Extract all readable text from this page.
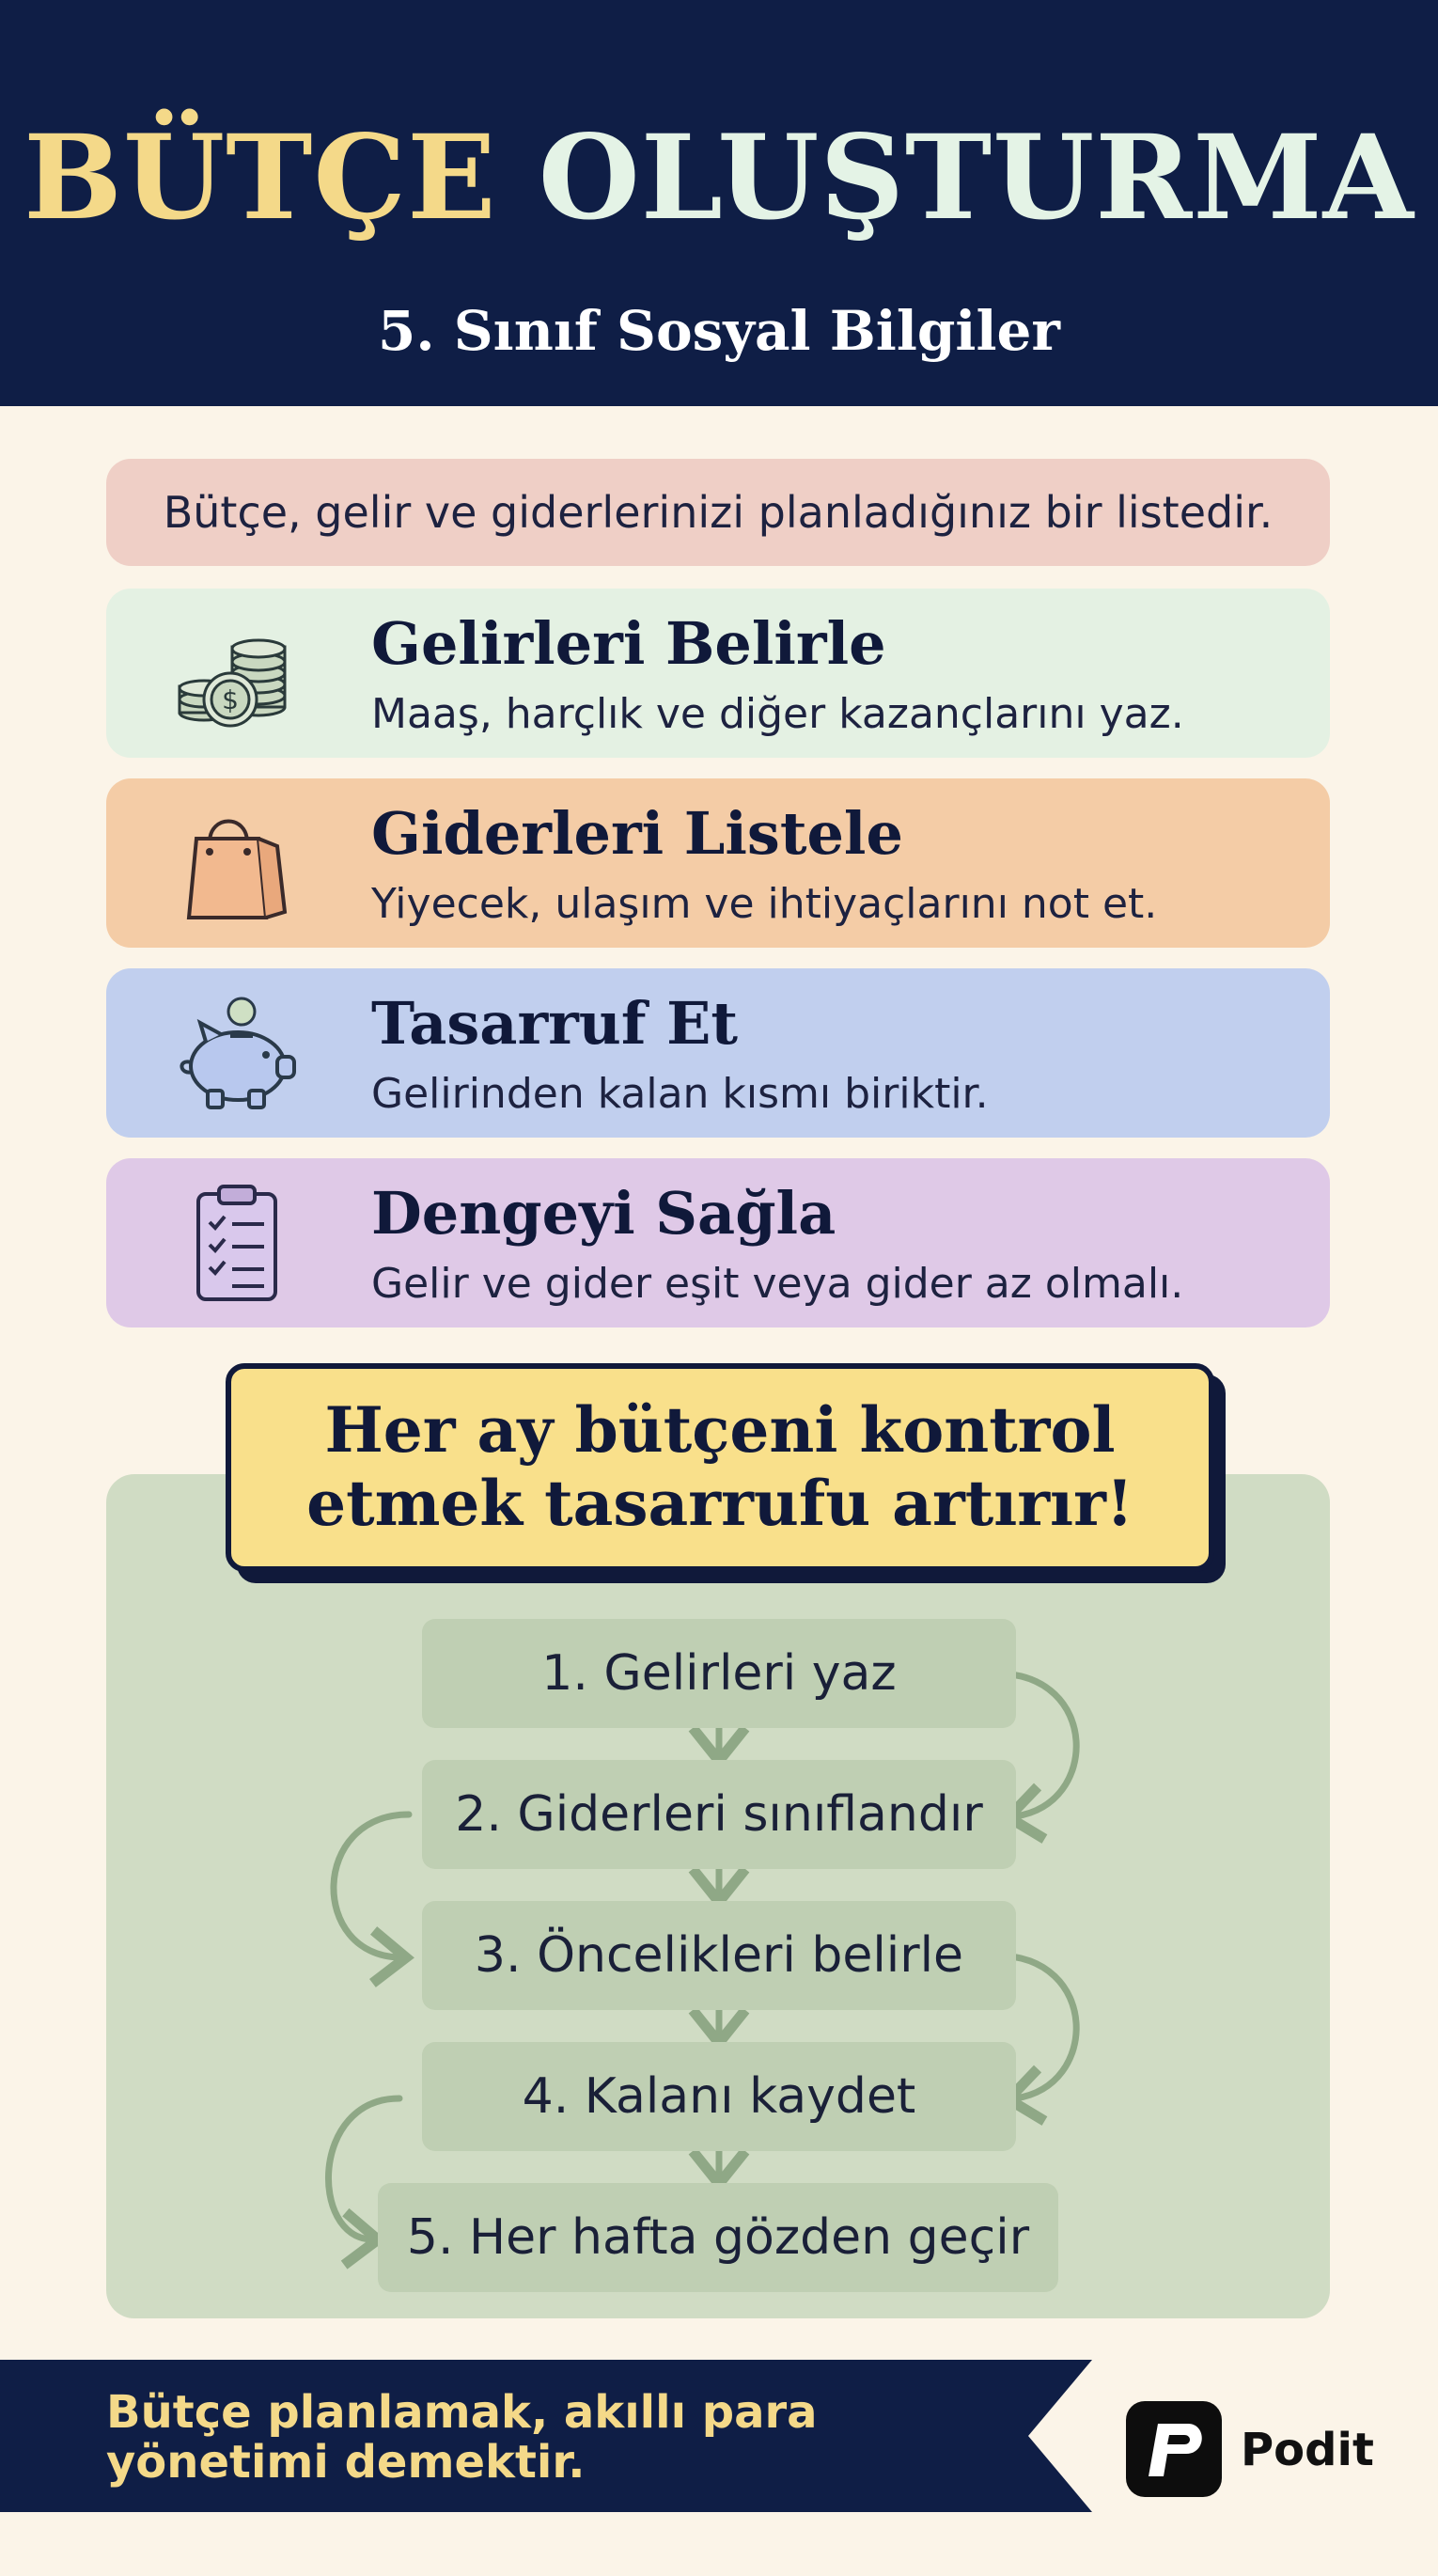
BÜTÇE OLUŞTURMA
5. Sınıf Sosyal Bilgiler
Bütçe, gelir ve giderlerinizi planladığınız bir listedir.
$
Gelirleri Belirle
Maaş, harçlık ve diğer kazançlarını yaz.
Giderleri Listele
Yiyecek, ulaşım ve ihtiyaçlarını not et.
Tasarruf Et
Gelirinden kalan kısmı biriktir.
Dengeyi Sağla
Gelir ve gider eşit veya gider az olmalı.
Her ay bütçeni kontrol
etmek tasarrufu artırır!
1. Gelirleri yaz
2. Giderleri sınıflandır
3. Öncelikleri belirle
4. Kalanı kaydet
5. Her hafta gözden geçir
Bütçe planlamak, akıllı para
yönetimi demektir.	Podit
